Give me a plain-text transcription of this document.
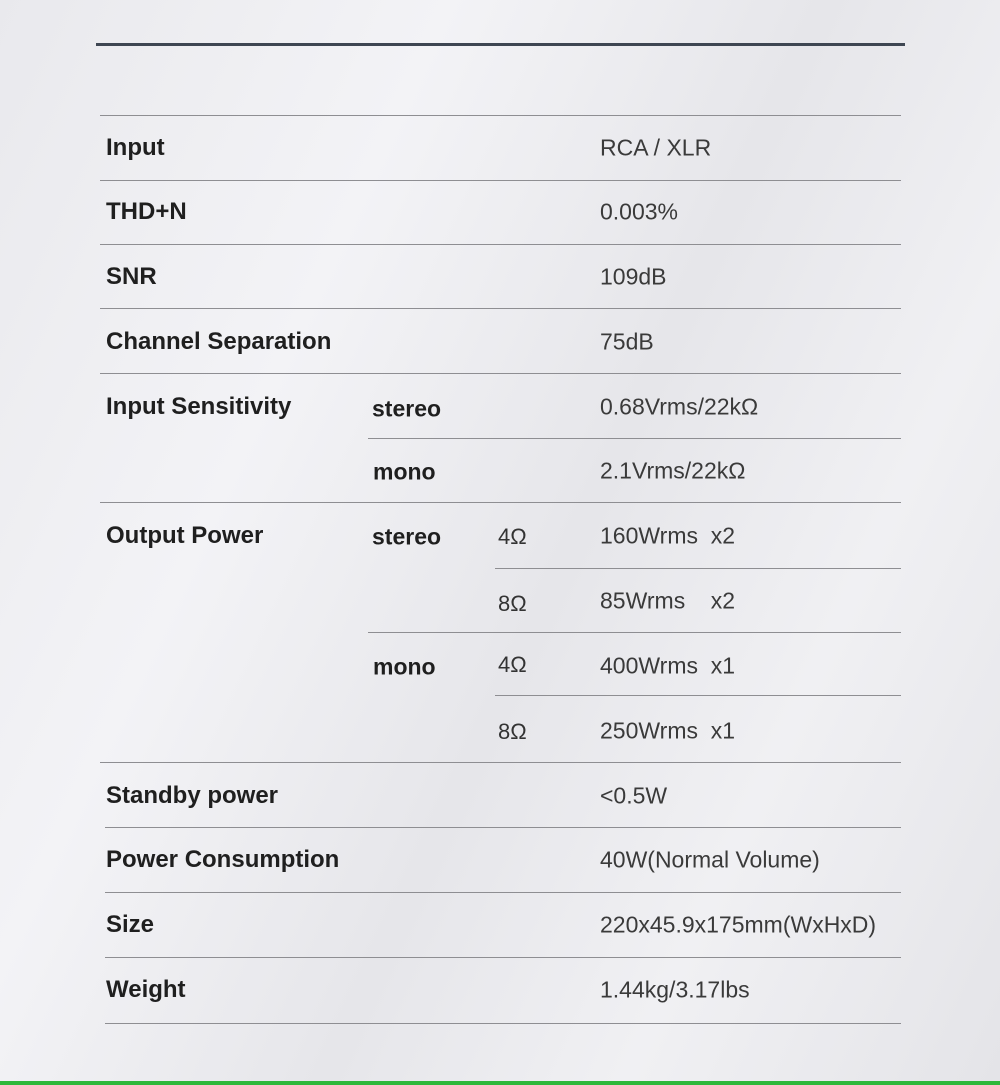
Input	RCA / XLR
THD+N	0.003%
SNR	109dB
Channel Separation	75dB
Input Sensitivity	stereo	0.68Vrms/22kΩ
mono	2.1Vrms/22kΩ
Output Power	stereo	4Ω	160Wrms  x2
8Ω	85Wrms    x2
mono	4Ω	400Wrms  x1
8Ω	250Wrms  x1
Standby power	<0.5W
Power Consumption	40W(Normal Volume)
Size	220x45.9x175mm(WxHxD)
Weight	1.44kg/3.17lbs
